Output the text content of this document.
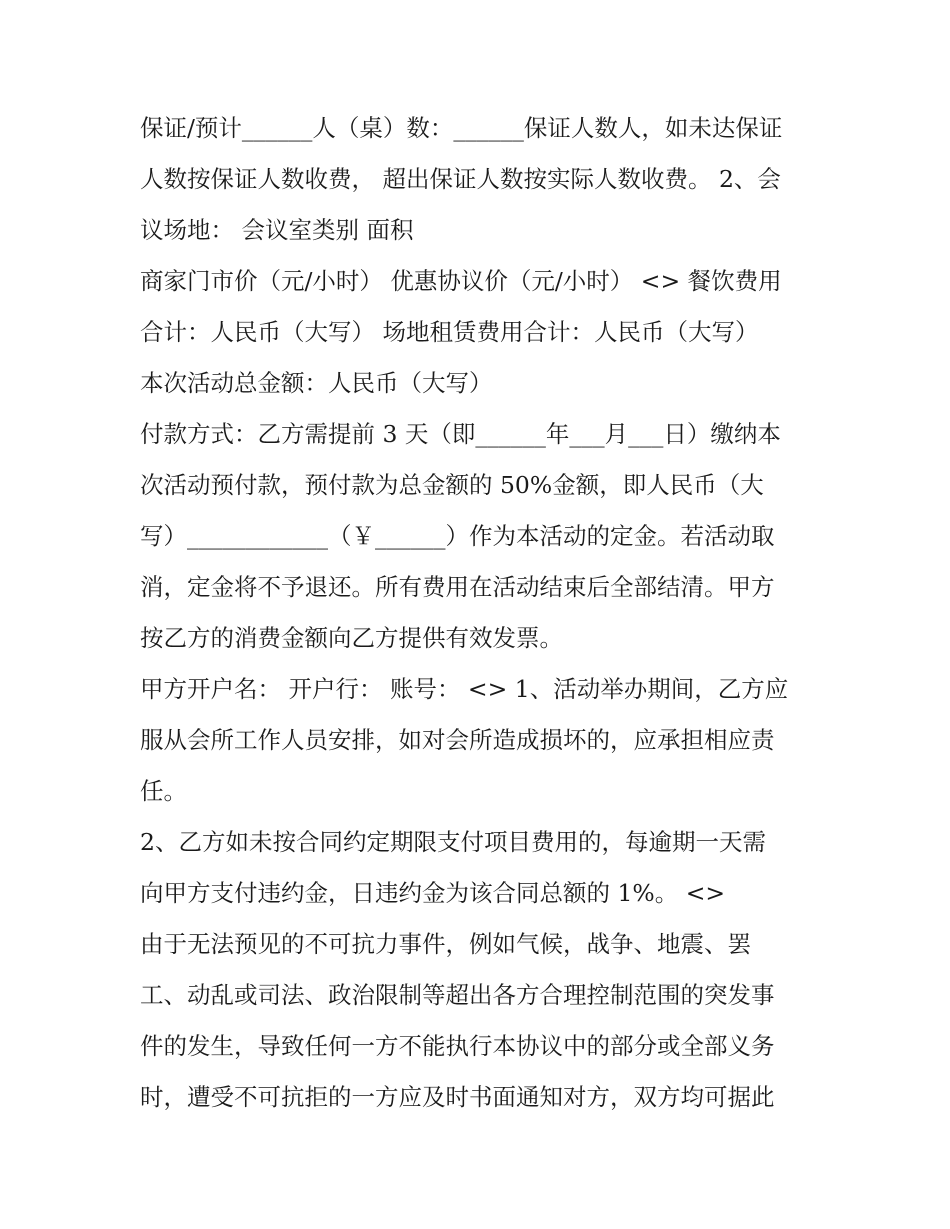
保证/预计______人（桌）数：______保证人数人，如未达保证
人数按保证人数收费， 超出保证人数按实际人数收费。 2、会
议场地： 会议室类别 面积
商家门市价（元/小时） 优惠协议价（元/小时） <> 餐饮费用
合计：人民币（大写） 场地租赁费用合计：人民币（大写）
本次活动总金额：人民币（大写）
付款方式：乙方需提前 3 天（即______年___月___日）缴纳本
次活动预付款，预付款为总金额的 50%金额，即人民币（大
写）____________（￥______）作为本活动的定金。若活动取
消，定金将不予退还。所有费用在活动结束后全部结清。甲方
按乙方的消费金额向乙方提供有效发票。
甲方开户名： 开户行： 账号： <> 1、活动举办期间，乙方应
服从会所工作人员安排，如对会所造成损坏的，应承担相应责
任。
2、乙方如未按合同约定期限支付项目费用的，每逾期一天需
向甲方支付违约金，日违约金为该合同总额的 1%。 <>
由于无法预见的不可抗力事件，例如气候，战争、地震、罢
工、动乱或司法、政治限制等超出各方合理控制范围的突发事
件的发生，导致任何一方不能执行本协议中的部分或全部义务
时，遭受不可抗拒的一方应及时书面通知对方，双方均可据此
